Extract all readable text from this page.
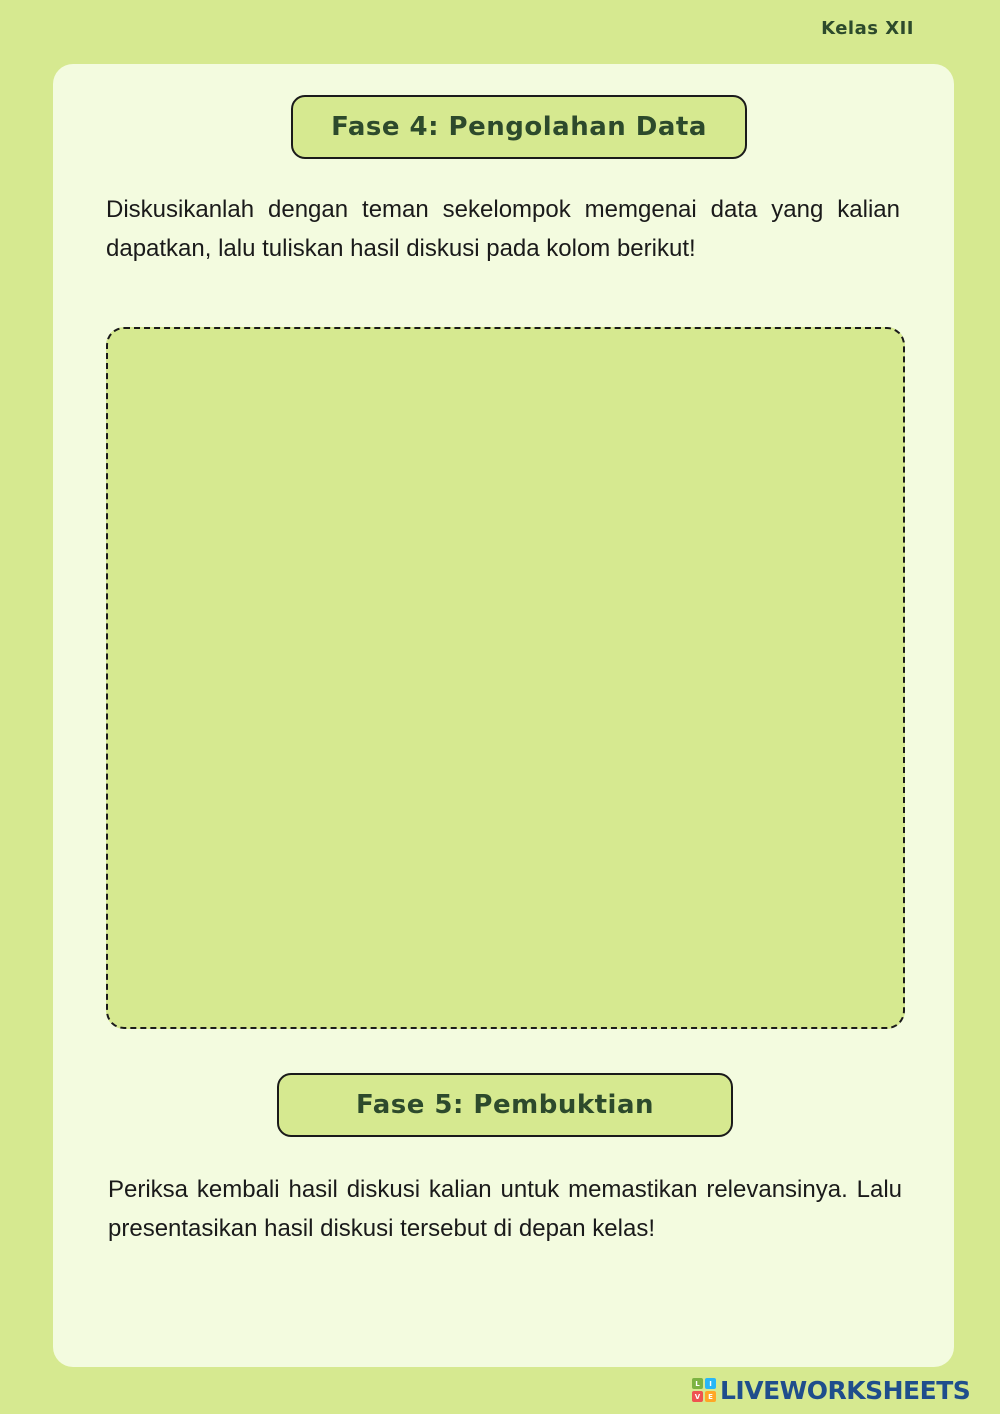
Kelas XII
Fase 4: Pengolahan Data

Diskusikanlah dengan teman sekelompok memgenai data yang kalian dapatkan, lalu tuliskan hasil diskusi pada kolom berikut!

Fase 5: Pembuktian

Periksa kembali hasil diskusi kalian untuk memastikan relevansinya. Lalu presentasikan hasil diskusi tersebut di depan kelas!

L	I
V	E LIVEWORKSHEETS
